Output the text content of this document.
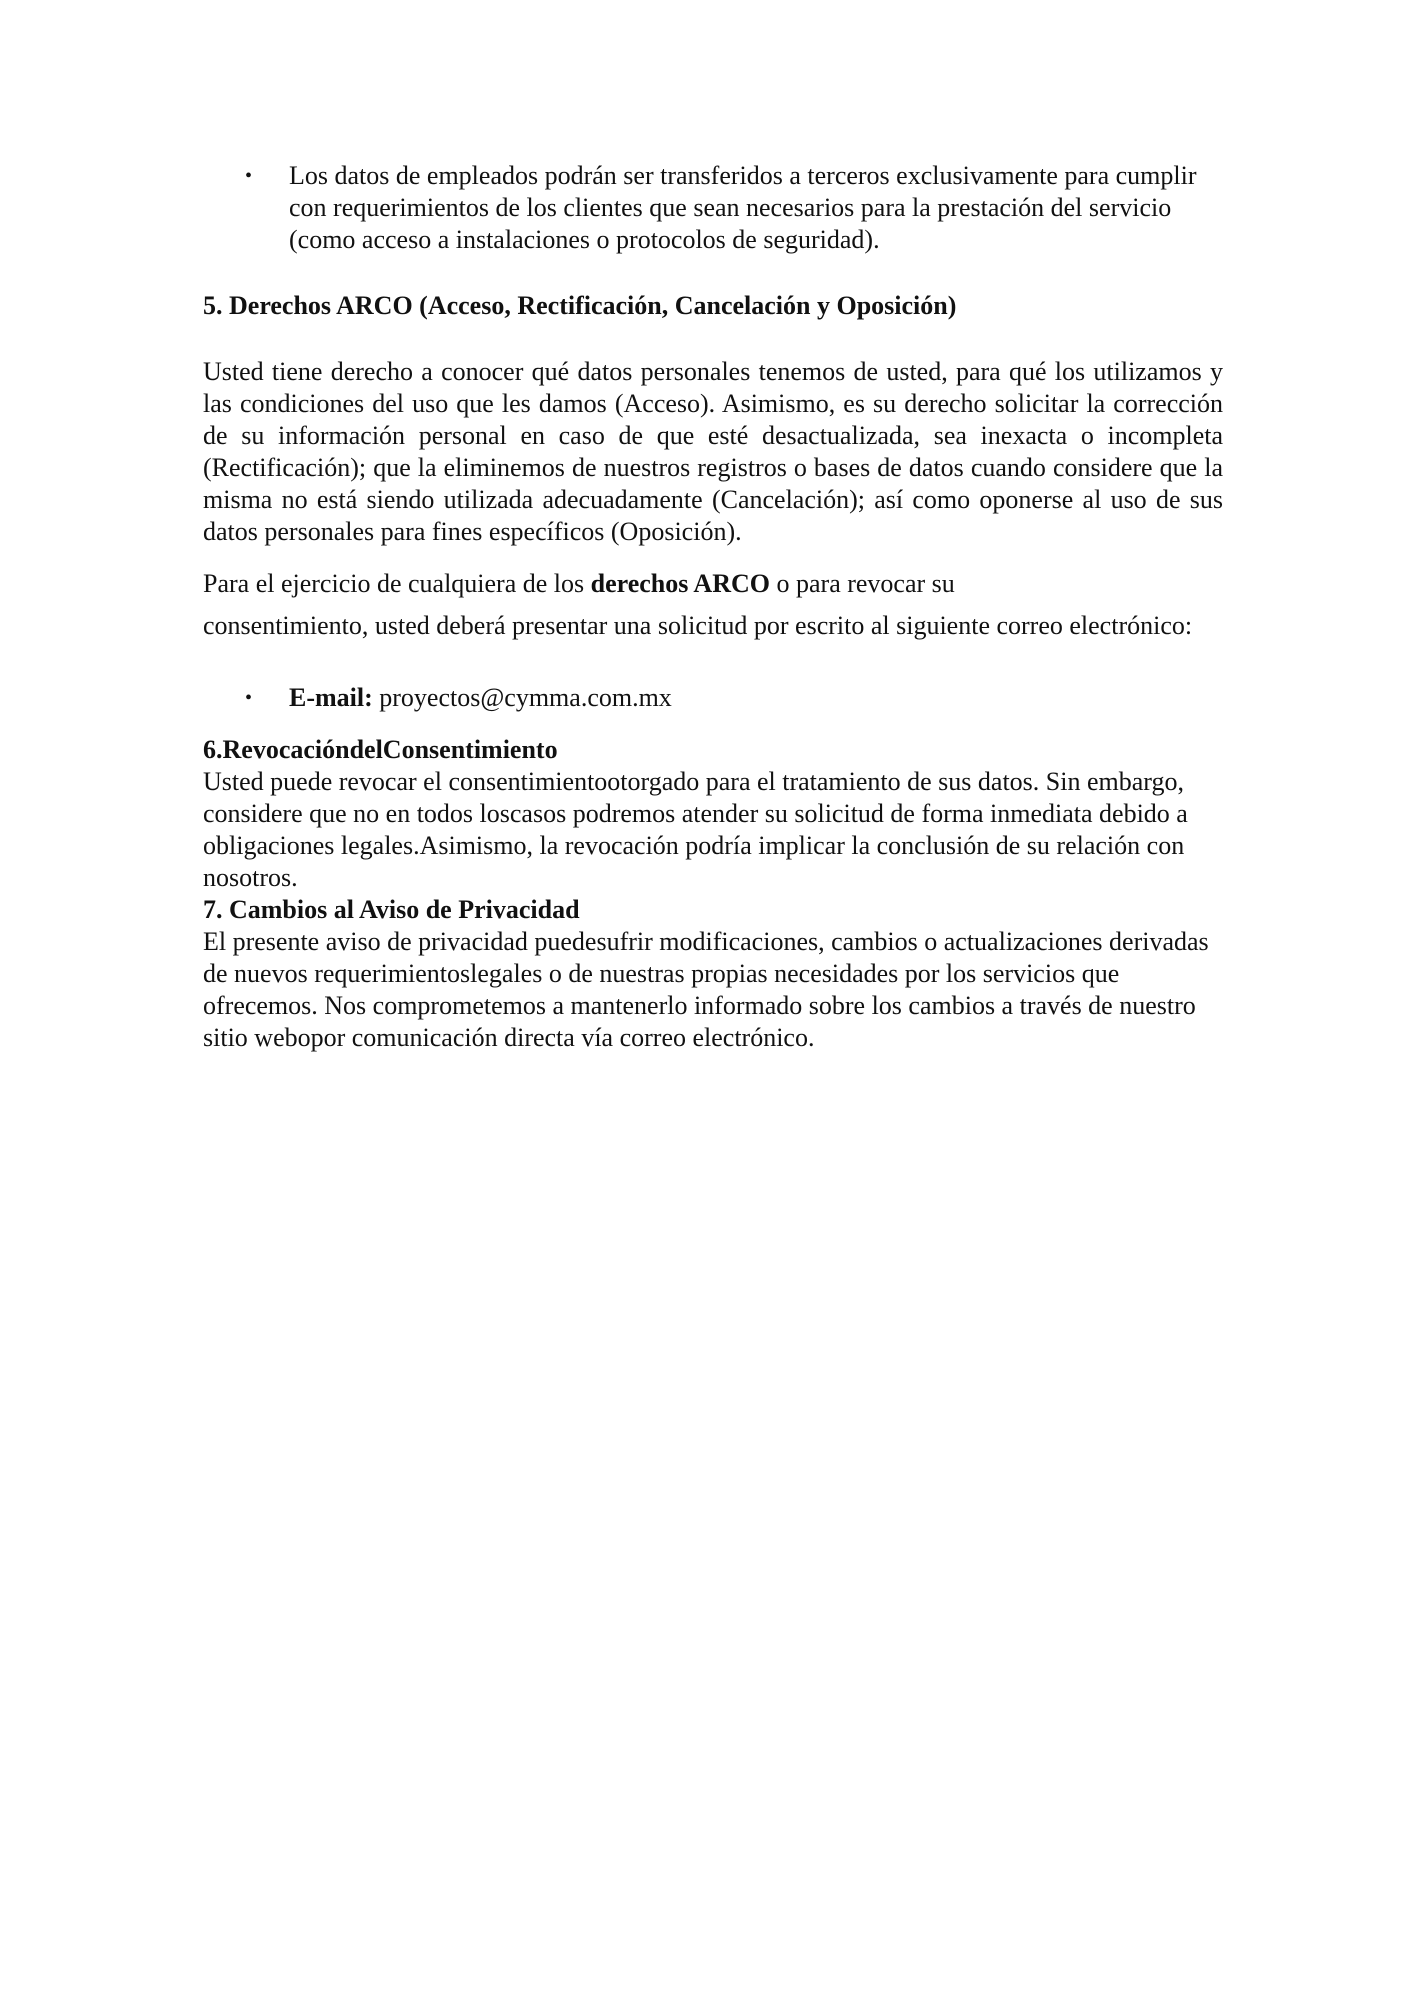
• Los datos de empleados podrán ser transferidos a terceros exclusivamente para cumplir con requerimientos de los clientes que sean necesarios para la prestación del servicio (como acceso a instalaciones o protocolos de seguridad).

5. Derechos ARCO (Acceso, Rectificación, Cancelación y Oposición)

Usted tiene derecho a conocer qué datos personales tenemos de usted, para qué los utilizamos y las condiciones del uso que les damos (Acceso). Asimismo, es su derecho solicitar la corrección de su información personal en caso de que esté desactualizada, sea inexacta o incompleta (Rectificación); que la eliminemos de nuestros registros o bases de datos cuando considere que la misma no está siendo utilizada adecuadamente (Cancelación); así como oponerse al uso de sus datos personales para fines específicos (Oposición).

Para el ejercicio de cualquiera de los derechos ARCO o para revocar su

consentimiento, usted deberá presentar una solicitud por escrito al siguiente correo electrónico:

• E-mail: proyectos@cymma.com.mx

6.RevocacióndelConsentimiento

Usted puede revocar el consentimientootorgado para el tratamiento de sus datos. Sin embargo, considere que no en todos loscasos podremos atender su solicitud de forma inmediata debido a obligaciones legales.Asimismo, la revocación podría implicar la conclusión de su relación con nosotros.

7. Cambios al Aviso de Privacidad

El presente aviso de privacidad puedesufrir modificaciones, cambios o actualizaciones derivadas de nuevos requerimientoslegales o de nuestras propias necesidades por los servicios que ofrecemos. Nos comprometemos a mantenerlo informado sobre los cambios a través de nuestro sitio webopor comunicación directa vía correo electrónico.
